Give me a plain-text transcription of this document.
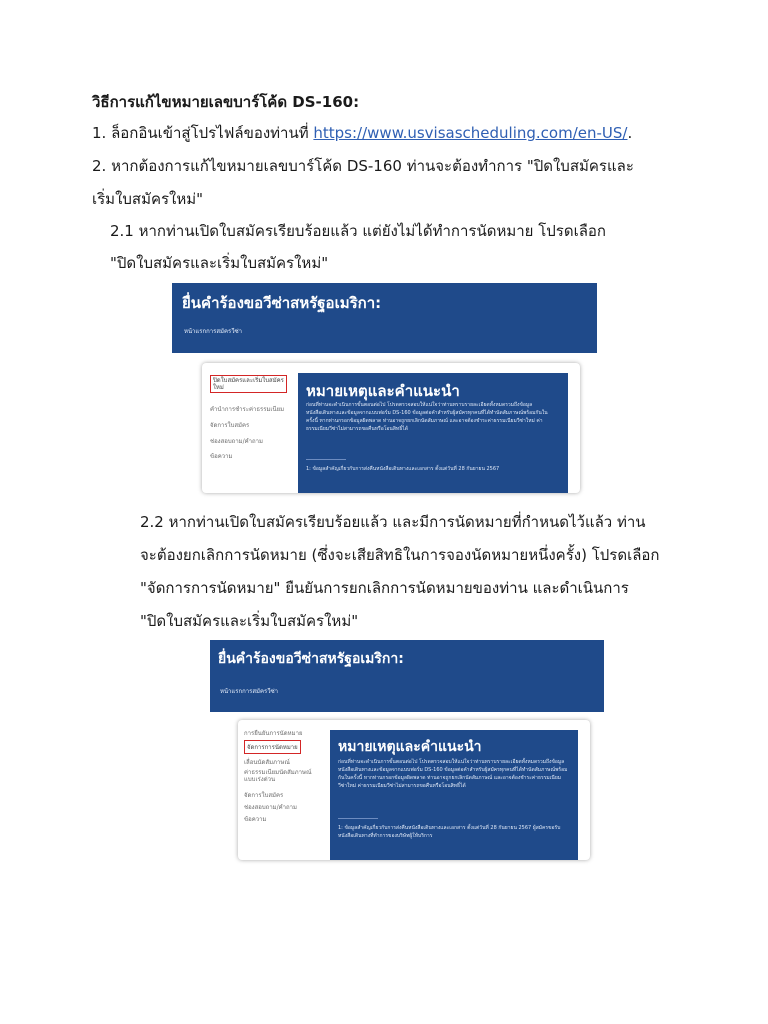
วิธีการแก้ไขหมายเลขบาร์โค้ด DS-160:
1. ล็อกอินเข้าสู่โปรไฟล์ของท่านที่ https://www.usvisascheduling.com/en-US/.
2. หากต้องการแก้ไขหมายเลขบาร์โค้ด DS-160 ท่านจะต้องทำการ "ปิดใบสมัครและ
เริ่มใบสมัครใหม่"
2.1 หากท่านเปิดใบสมัครเรียบร้อยแล้ว แต่ยังไม่ได้ทำการนัดหมาย โปรดเลือก
"ปิดใบสมัครและเริ่มใบสมัครใหม่"
ยื่นคำร้องขอวีซ่าสหรัฐอเมริกา:
หน้าแรกการสมัครวีซ่า
ปิดใบสมัครและเริ่มใบสมัคร
ใหม่
คำนำการชำระค่าธรรมเนียม
จัดการใบสมัคร
ช่องสอบถาม/คำถาม
ข้อความ
หมายเหตุและคำแนะนำ
ก่อนที่ท่านจะดำเนินการขั้นตอนต่อไป โปรดตรวจสอบให้แน่ใจว่าท่านทราบรายละเอียดทั้งหมดรวมถึงข้อมูลหนังสือเดินทางและข้อมูลจากแบบฟอร์ม DS-160 ข้อมูลต่อคำสำหรับผู้สมัครทุกคนที่ได้ทำนัดสัมภาษณ์พร้อมกันในครั้งนี้ หากท่านกรอกข้อมูลผิดพลาด ท่านอาจถูกยกเลิกนัดสัมภาษณ์ และอาจต้องชำระค่าธรรมเนียมวีซ่าใหม่ ค่าธรรมเนียมวีซ่าไม่สามารถขอคืนหรือโอนสิทธิ์ได้
1: ข้อมูลสำคัญเกี่ยวกับการส่งคืนหนังสือเดินทางและเอกสาร ตั้งแต่วันที่ 28 กันยายน 2567
2.2 หากท่านเปิดใบสมัครเรียบร้อยแล้ว และมีการนัดหมายที่กำหนดไว้แล้ว ท่าน
จะต้องยกเลิกการนัดหมาย (ซึ่งจะเสียสิทธิในการจองนัดหมายหนึ่งครั้ง) โปรดเลือก
"จัดการการนัดหมาย" ยืนยันการยกเลิกการนัดหมายของท่าน และดำเนินการ
"ปิดใบสมัครและเริ่มใบสมัครใหม่"
ยื่นคำร้องขอวีซ่าสหรัฐอเมริกา:
หน้าแรกการสมัครวีซ่า
การยืนยันการนัดหมาย
จัดการการนัดหมาย
เลื่อนนัดสัมภาษณ์
ค่าธรรมเนียมนัดสัมภาษณ์แบบเร่งด่วน
จัดการใบสมัคร
ช่องสอบถาม/คำถาม
ข้อความ
หมายเหตุและคำแนะนำ
ก่อนที่ท่านจะดำเนินการขั้นตอนต่อไป โปรดตรวจสอบให้แน่ใจว่าท่านทราบรายละเอียดทั้งหมดรวมถึงข้อมูลหนังสือเดินทางและข้อมูลจากแบบฟอร์ม DS-160 ข้อมูลต่อคำสำหรับผู้สมัครทุกคนที่ได้ทำนัดสัมภาษณ์พร้อมกันในครั้งนี้ หากท่านกรอกข้อมูลผิดพลาด ท่านอาจถูกยกเลิกนัดสัมภาษณ์ และอาจต้องชำระค่าธรรมเนียมวีซ่าใหม่ ค่าธรรมเนียมวีซ่าไม่สามารถขอคืนหรือโอนสิทธิ์ได้
1: ข้อมูลสำคัญเกี่ยวกับการส่งคืนหนังสือเดินทางและเอกสาร ตั้งแต่วันที่ 28 กันยายน 2567 ผู้สมัครขอรับหนังสือเดินทางที่ทำการของบริษัทผู้ให้บริการ
